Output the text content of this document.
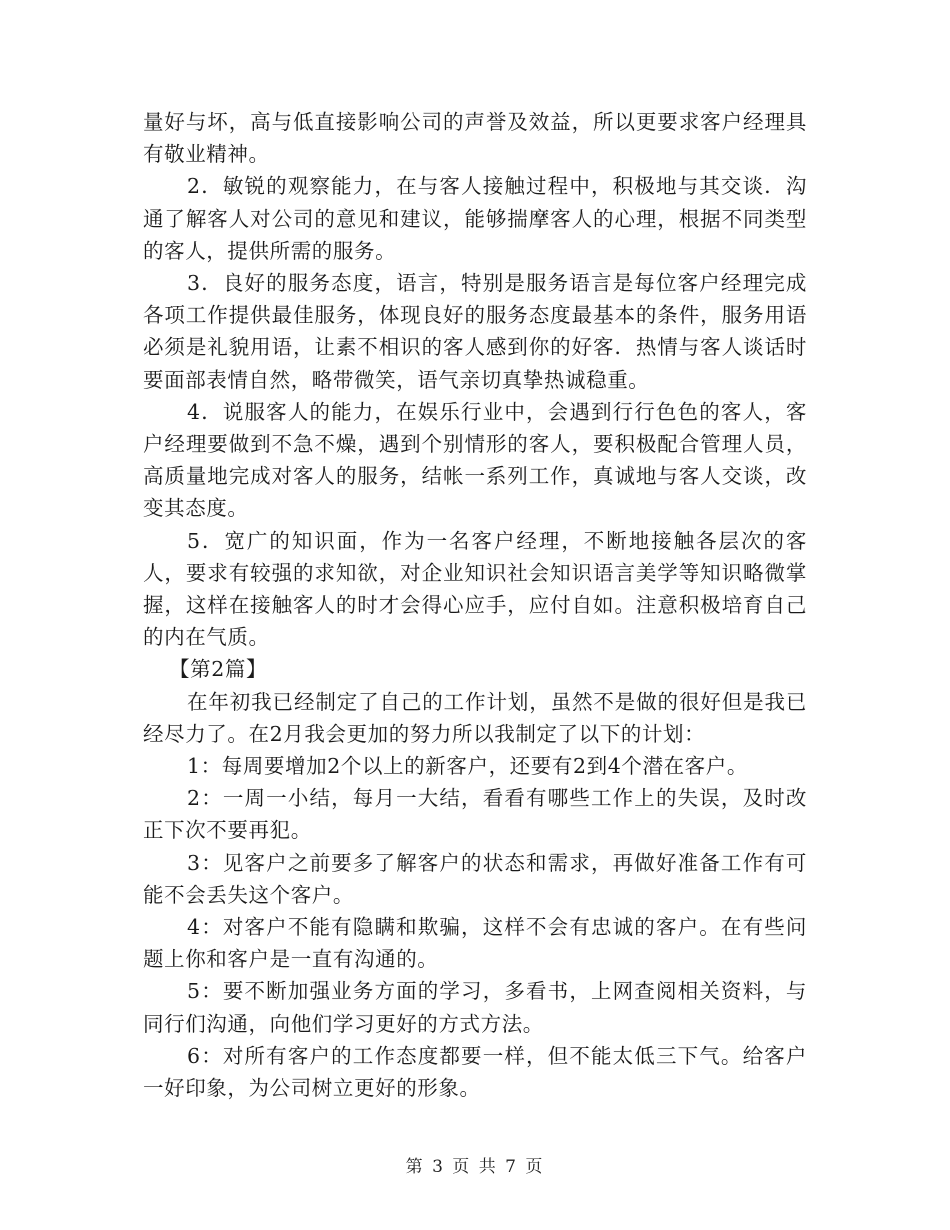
量好与坏，高与低直接影响公司的声誉及效益，所以更要求客户经理具有敬业精神。

2．敏锐的观察能力，在与客人接触过程中，积极地与其交谈．沟通了解客人对公司的意见和建议，能够揣摩客人的心理，根据不同类型的客人，提供所需的服务。

3．良好的服务态度，语言，特别是服务语言是每位客户经理完成各项工作提供最佳服务，体现良好的服务态度最基本的条件，服务用语必须是礼貌用语，让素不相识的客人感到你的好客．热情与客人谈话时要面部表情自然，略带微笑，语气亲切真挚热诚稳重。

4．说服客人的能力，在娱乐行业中，会遇到行行色色的客人，客户经理要做到不急不燥，遇到个别情形的客人，要积极配合管理人员，高质量地完成对客人的服务，结帐一系列工作，真诚地与客人交谈，改变其态度。

5．宽广的知识面，作为一名客户经理，不断地接触各层次的客人，要求有较强的求知欲，对企业知识社会知识语言美学等知识略微掌握，这样在接触客人的时才会得心应手，应付自如。注意积极培育自己的内在气质。

【第2篇】

在年初我已经制定了自己的工作计划，虽然不是做的很好但是我已经尽力了。在2月我会更加的努力所以我制定了以下的计划：

1：每周要增加2个以上的新客户，还要有2到4个潜在客户。

2：一周一小结，每月一大结，看看有哪些工作上的失误，及时改正下次不要再犯。

3：见客户之前要多了解客户的状态和需求，再做好准备工作有可能不会丢失这个客户。

4：对客户不能有隐瞒和欺骗，这样不会有忠诚的客户。在有些问题上你和客户是一直有沟通的。

5：要不断加强业务方面的学习，多看书，上网查阅相关资料，与同行们沟通，向他们学习更好的方式方法。

6：对所有客户的工作态度都要一样，但不能太低三下气。给客户一好印象，为公司树立更好的形象。

第 3 页 共 7 页
